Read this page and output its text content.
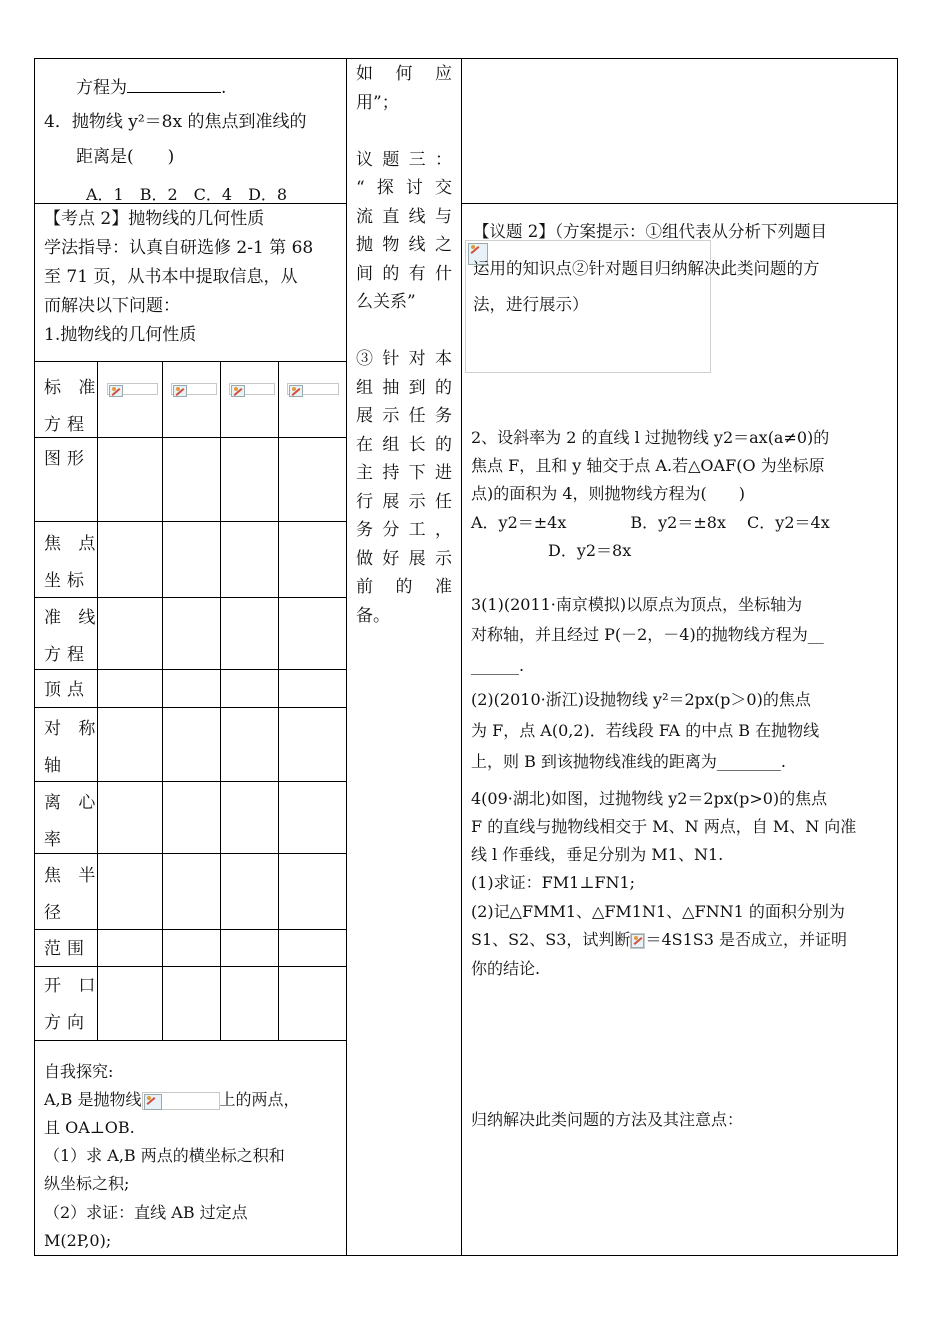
方程为	.
4．抛物线 y²＝8x 的焦点到准线的
距离是(　　)
A．1　B．2　C．4　D．8
【考点 2】抛物线的几何性质
学法指导：认真自研选修 2-1 第 68
至 71 页，从书本中提取信息，从
而解决以下问题：
1.抛物线的几何性质
标 准
方程
图形
焦 点
坐标
准 线
方程
顶点
对 称
轴
离 心
率
焦 半
径
范围
开 口
方向
自我探究:
A,B 是抛物线	上的两点，
且 OA⊥OB.
（1）求 A,B 两点的横坐标之积和
纵坐标之积;
（2）求证：直线 AB 过定点
M(2P,0);
如何应
用”；
议题三：
“探讨交
流直线与
抛物线之
间的有什
么关系”
③针对本
组抽到的
展示任务
在组长的
主持下进
行展示任
务分工，
做好展示
前的准
备。
【议题 2】（方案提示：①组代表从分析下列题目
运用的知识点②针对题目归纳解决此类问题的方
法，进行展示）
2、设斜率为 2 的直线 l 过抛物线 y2＝ax(a≠0)的
焦点 F，且和 y 轴交于点 A.若△OAF(O 为坐标原
点)的面积为 4，则抛物线方程为(　　)
A．y2＝±4x　　　　B．y2＝±8x　 C．y2＝4x
D．y2＝8x
3(1)(2011·南京模拟)以原点为顶点，坐标轴为
对称轴，并且经过 P(－2，－4)的抛物线方程为__
______.
(2)(2010·浙江)设抛物线 y²＝2px(p＞0)的焦点
为 F，点 A(0,2)．若线段 FA 的中点 B 在抛物线
上，则 B 到该抛物线准线的距离为________.
4(09·湖北)如图，过抛物线 y2＝2px(p>0)的焦点
F 的直线与抛物线相交于 M、N 两点，自 M、N 向准
线 l 作垂线，垂足分别为 M1、N1.
(1)求证：FM1⊥FN1;
(2)记△FMM1、△FM1N1、△FNN1 的面积分别为
S1、S2、S3，试判断 ＝4S1S3 是否成立，并证明
你的结论.
归纳解决此类问题的方法及其注意点：
